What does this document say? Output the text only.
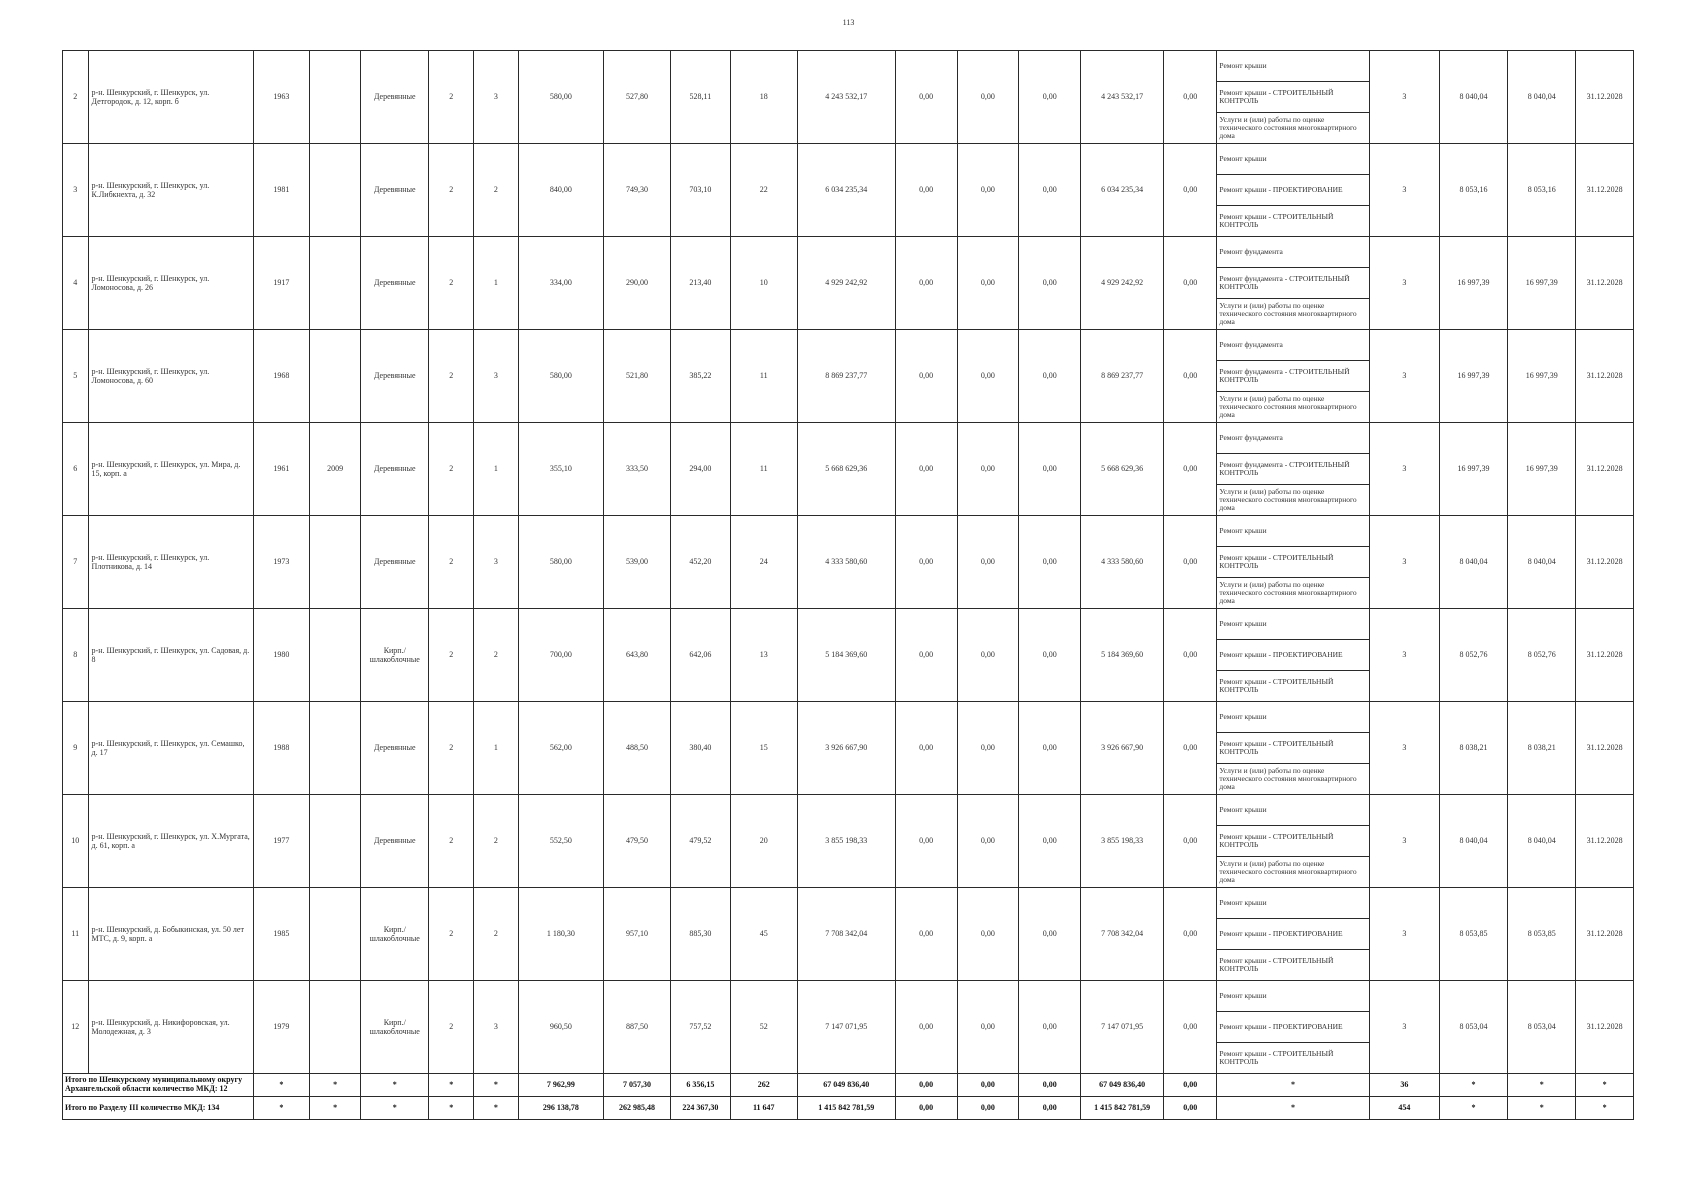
113
2	р-н. Шенкурский, г. Шенкурск, ул. Детгородок, д. 12, корп. б	1963		Деревянные	2	3	580,00	527,80	528,11	18	4 243 532,17	0,00	0,00	0,00	4 243 532,17	0,00	Ремонт крыши
Ремонт крыши - СТРОИТЕЛЬНЫЙ КОНТРОЛЬ
Услуги и (или) работы по оценке технического состояния многоквартирного дома	3	8 040,04	8 040,04	31.12.2028
3	р-н. Шенкурский, г. Шенкурск, ул. К.Либкнехта, д. 32	1981		Деревянные	2	2	840,00	749,30	703,10	22	6 034 235,34	0,00	0,00	0,00	6 034 235,34	0,00	Ремонт крыши
Ремонт крыши - ПРОЕКТИРОВАНИЕ
Ремонт крыши - СТРОИТЕЛЬНЫЙ КОНТРОЛЬ	3	8 053,16	8 053,16	31.12.2028
4	р-н. Шенкурский, г. Шенкурск, ул. Ломоносова, д. 26	1917		Деревянные	2	1	334,00	290,00	213,40	10	4 929 242,92	0,00	0,00	0,00	4 929 242,92	0,00	Ремонт фундамента
Ремонт фундамента - СТРОИТЕЛЬНЫЙ КОНТРОЛЬ
Услуги и (или) работы по оценке технического состояния многоквартирного дома	3	16 997,39	16 997,39	31.12.2028
5	р-н. Шенкурский, г. Шенкурск, ул. Ломоносова, д. 60	1968		Деревянные	2	3	580,00	521,80	385,22	11	8 869 237,77	0,00	0,00	0,00	8 869 237,77	0,00	Ремонт фундамента
Ремонт фундамента - СТРОИТЕЛЬНЫЙ КОНТРОЛЬ
Услуги и (или) работы по оценке технического состояния многоквартирного дома	3	16 997,39	16 997,39	31.12.2028
6	р-н. Шенкурский, г. Шенкурск, ул. Мира, д. 15, корп. а	1961	2009	Деревянные	2	1	355,10	333,50	294,00	11	5 668 629,36	0,00	0,00	0,00	5 668 629,36	0,00	Ремонт фундамента
Ремонт фундамента - СТРОИТЕЛЬНЫЙ КОНТРОЛЬ
Услуги и (или) работы по оценке технического состояния многоквартирного дома	3	16 997,39	16 997,39	31.12.2028
7	р-н. Шенкурский, г. Шенкурск, ул. Плотникова, д. 14	1973		Деревянные	2	3	580,00	539,00	452,20	24	4 333 580,60	0,00	0,00	0,00	4 333 580,60	0,00	Ремонт крыши
Ремонт крыши - СТРОИТЕЛЬНЫЙ КОНТРОЛЬ
Услуги и (или) работы по оценке технического состояния многоквартирного дома	3	8 040,04	8 040,04	31.12.2028
8	р-н. Шенкурский, г. Шенкурск, ул. Садовая, д. 8	1980		Кирп./ шлакоблочные	2	2	700,00	643,80	642,06	13	5 184 369,60	0,00	0,00	0,00	5 184 369,60	0,00	Ремонт крыши
Ремонт крыши - ПРОЕКТИРОВАНИЕ
Ремонт крыши - СТРОИТЕЛЬНЫЙ КОНТРОЛЬ	3	8 052,76	8 052,76	31.12.2028
9	р-н. Шенкурский, г. Шенкурск, ул. Семашко, д. 17	1988		Деревянные	2	1	562,00	488,50	380,40	15	3 926 667,90	0,00	0,00	0,00	3 926 667,90	0,00	Ремонт крыши
Ремонт крыши - СТРОИТЕЛЬНЫЙ КОНТРОЛЬ
Услуги и (или) работы по оценке технического состояния многоквартирного дома	3	8 038,21	8 038,21	31.12.2028
10	р-н. Шенкурский, г. Шенкурск, ул. Х.Мургата, д. 61, корп. а	1977		Деревянные	2	2	552,50	479,50	479,52	20	3 855 198,33	0,00	0,00	0,00	3 855 198,33	0,00	Ремонт крыши
Ремонт крыши - СТРОИТЕЛЬНЫЙ КОНТРОЛЬ
Услуги и (или) работы по оценке технического состояния многоквартирного дома	3	8 040,04	8 040,04	31.12.2028
11	р-н. Шенкурский, д. Бобыкинская, ул. 50 лет МТС, д. 9, корп. а	1985		Кирп./ шлакоблочные	2	2	1 180,30	957,10	885,30	45	7 708 342,04	0,00	0,00	0,00	7 708 342,04	0,00	Ремонт крыши
Ремонт крыши - ПРОЕКТИРОВАНИЕ
Ремонт крыши - СТРОИТЕЛЬНЫЙ КОНТРОЛЬ	3	8 053,85	8 053,85	31.12.2028
12	р-н. Шенкурский, д. Никифоровская, ул. Молодежная, д. 3	1979		Кирп./ шлакоблочные	2	3	960,50	887,50	757,52	52	7 147 071,95	0,00	0,00	0,00	7 147 071,95	0,00	Ремонт крыши
Ремонт крыши - ПРОЕКТИРОВАНИЕ
Ремонт крыши - СТРОИТЕЛЬНЫЙ КОНТРОЛЬ	3	8 053,04	8 053,04	31.12.2028
Итого по Шенкурскому муниципальному округу Архангельской области количество МКД: 12		*	*	*	*	*	7 962,99	7 057,30	6 356,15	262	67 049 836,40	0,00	0,00	0,00	67 049 836,40	0,00	*	36	*	*	*
Итого по Разделу III количество МКД: 134		*	*	*	*	*	296 138,78	262 985,48	224 367,30	11 647	1 415 842 781,59	0,00	0,00	0,00	1 415 842 781,59	0,00	*	454	*	*	*
